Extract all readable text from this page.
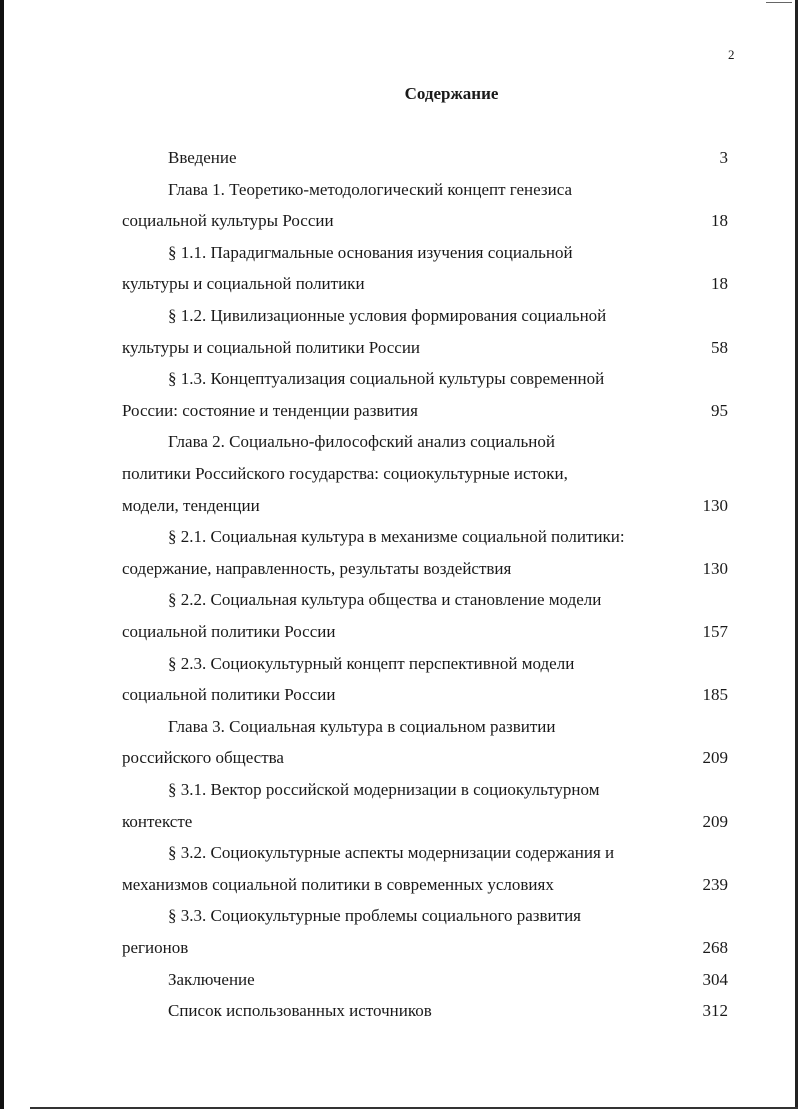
2
Содержание
Введение	3
Глава 1. Теоретико-методологический концепт генезиса
социальной культуры России	18
§ 1.1. Парадигмальные основания изучения социальной
культуры и социальной политики	18
§ 1.2. Цивилизационные условия формирования социальной
культуры и социальной политики России	58
§ 1.3. Концептуализация социальной культуры современной
России: состояние и тенденции развития	95
Глава 2. Социально-философский анализ социальной
политики Российского государства: социокультурные истоки,
модели, тенденции	130
§ 2.1. Социальная культура в механизме социальной политики:
содержание, направленность, результаты воздействия	130
§ 2.2. Социальная культура общества и становление модели
социальной политики России	157
§ 2.3. Социокультурный концепт перспективной модели
социальной политики России	185
Глава 3. Социальная культура в социальном развитии
российского общества	209
§ 3.1. Вектор российской модернизации в социокультурном
контексте	209
§ 3.2. Социокультурные аспекты модернизации содержания и
механизмов социальной политики в современных условиях	239
§ 3.3. Социокультурные проблемы социального развития
регионов	268
Заключение	304
Список использованных источников	312
